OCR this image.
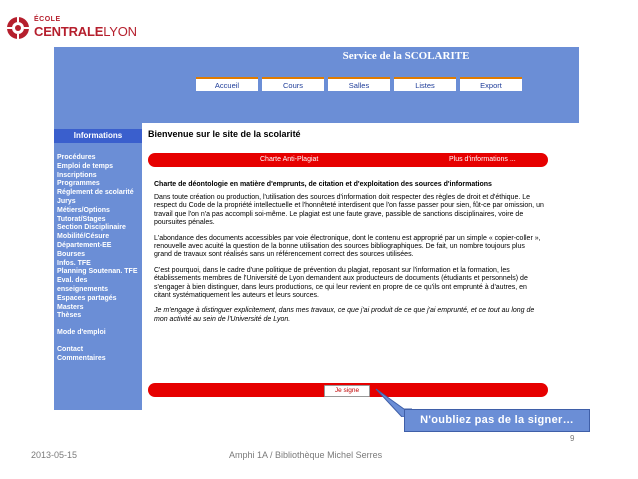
ÉCOLE
CENTRALELYON
Service de la SCOLARITE
Accueil	Cours	Salles	Listes	Export
Informations
Procédures
Emploi de temps
Inscriptions
Programmes
Réglement de scolarité
Jurys
Métiers/Options
Tutorat/Stages
Section Disciplinaire
Mobilité/Césure
Département-EE
Bourses
Infos. TFE
Planning Soutenan. TFE
Eval. des
enseignements
Espaces partagés
Masters
Thèses
Mode d'emploi
Contact
Commentaires
Bienvenue sur le site de la scolarité
Charte Anti-Plagiat	Plus d'informations ...
Charte de déontologie en matière d'emprunts, de citation et d'exploitation des sources d'informations

Dans toute création ou production, l'utilisation des sources d'information doit respecter des règles de droit et d'éthique. Le respect du Code de la propriété intellectuelle et l'honnêteté interdisent que l'on fasse passer pour sien, fût-ce par omission, un travail que l'on n'a pas accompli soi-même. Le plagiat est une faute grave, passible de sanctions disciplinaires, voire de poursuites pénales.

L'abondance des documents accessibles par voie électronique, dont le contenu est approprié par un simple « copier-coller », renouvelle avec acuité la question de la bonne utilisation des sources bibliographiques. De fait, un nombre toujours plus grand de travaux sont réalisés sans un référencement correct des sources utilisées.

C'est pourquoi, dans le cadre d'une politique de prévention du plagiat, reposant sur l'information et la formation, les établissements membres de l'Université de Lyon demandent aux producteurs de documents (étudiants et personnels) de s'engager à bien distinguer, dans leurs productions, ce qui leur revient en propre de ce qu'ils ont emprunté à d'autres, en citant systématiquement les auteurs et leurs sources.

Je m'engage à distinguer explicitement, dans mes travaux, ce que j'ai produit de ce que j'ai emprunté, et ce tout au long de mon activité au sein de l'Université de Lyon.

Je signe
N'oubliez pas de la signer…
9
2013-05-15	Amphi 1A / Bibliothèque Michel Serres
